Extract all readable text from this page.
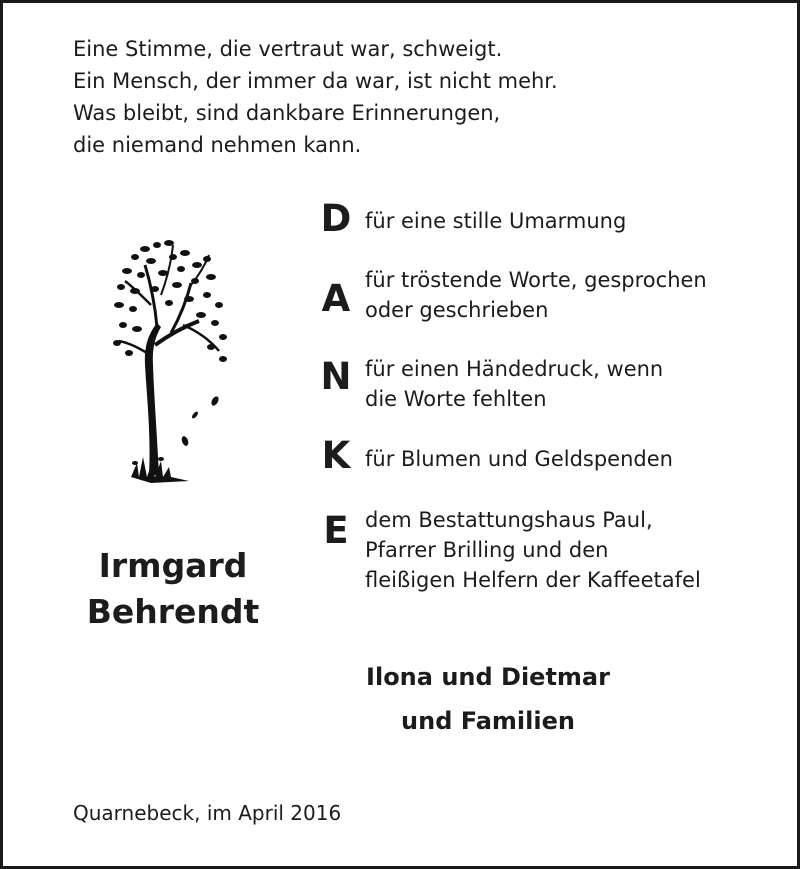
Eine Stimme, die vertraut war, schweigt.
Ein Mensch, der immer da war, ist nicht mehr.
Was bleibt, sind dankbare Erinnerungen,
die niemand nehmen kann.
Irmgard
Behrendt
D für eine stille Umarmung
A für tröstende Worte, gesprochen
oder geschrieben
N für einen Händedruck, wenn
die Worte fehlten
K für Blumen und Geldspenden
E dem Bestattungshaus Paul,
Pfarrer Brilling und den
fleißigen Helfern der Kaffeetafel
Ilona und Dietmar
und Familien
Quarnebeck, im April 2016
